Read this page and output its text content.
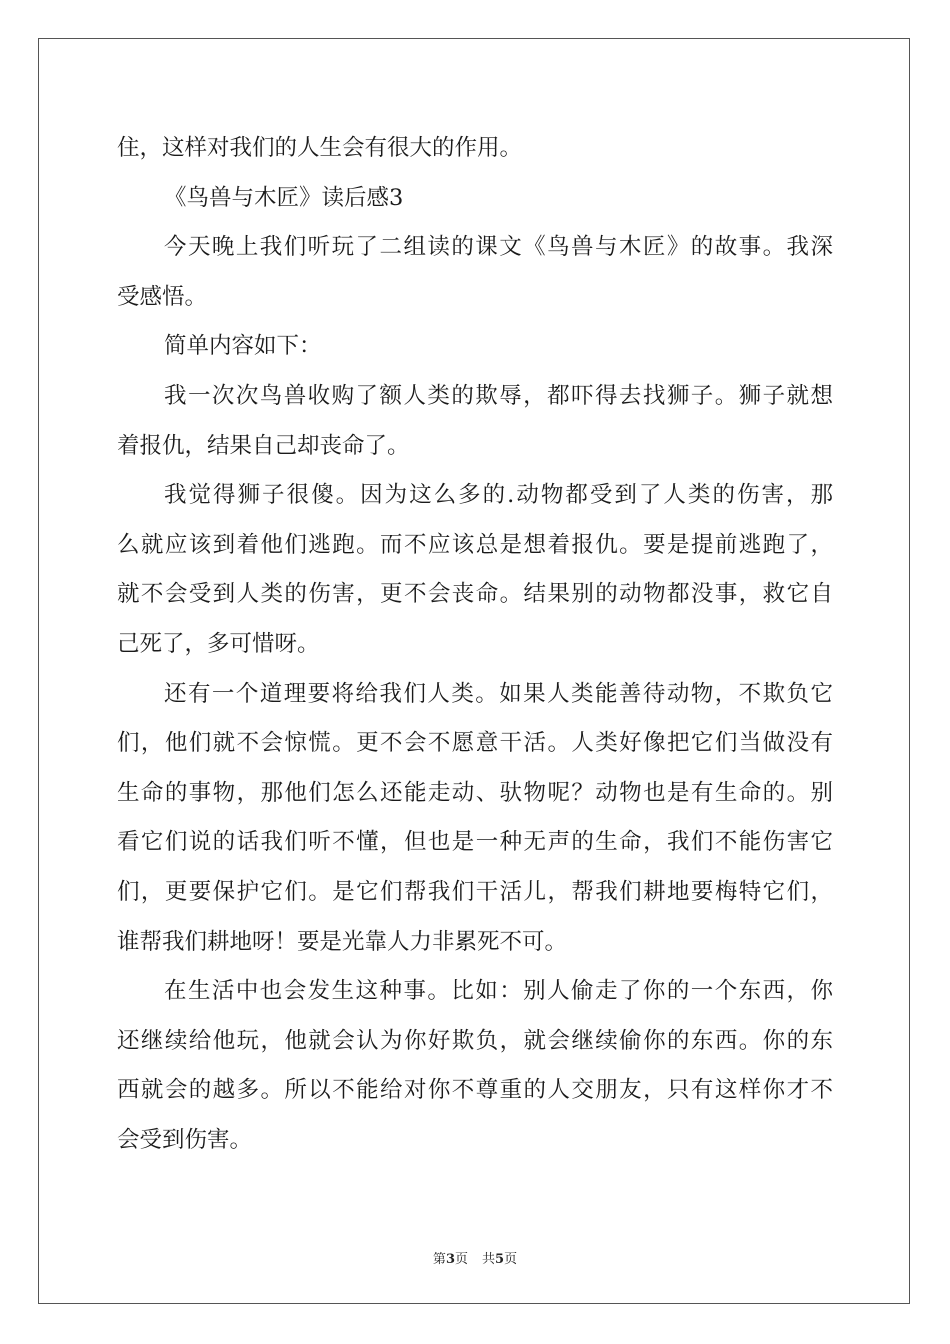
住，这样对我们的人生会有很大的作用。
《鸟兽与木匠》读后感3
今天晚上我们听玩了二组读的课文《鸟兽与木匠》的故事。我深
受感悟。
简单内容如下：
我一次次鸟兽收购了额人类的欺辱，都吓得去找狮子。狮子就想
着报仇，结果自己却丧命了。
我觉得狮子很傻。因为这么多的.动物都受到了人类的伤害，那
么就应该到着他们逃跑。而不应该总是想着报仇。要是提前逃跑了，
就不会受到人类的伤害，更不会丧命。结果别的动物都没事，救它自
己死了，多可惜呀。
还有一个道理要将给我们人类。如果人类能善待动物，不欺负它
们，他们就不会惊慌。更不会不愿意干活。人类好像把它们当做没有
生命的事物，那他们怎么还能走动、驮物呢？动物也是有生命的。别
看它们说的话我们听不懂，但也是一种无声的生命，我们不能伤害它
们，更要保护它们。是它们帮我们干活儿，帮我们耕地要梅特它们，
谁帮我们耕地呀！要是光靠人力非累死不可。
在生活中也会发生这种事。比如：别人偷走了你的一个东西，你
还继续给他玩，他就会认为你好欺负，就会继续偷你的东西。你的东
西就会的越多。所以不能给对你不尊重的人交朋友，只有这样你才不
会受到伤害。
第3页 共5页
